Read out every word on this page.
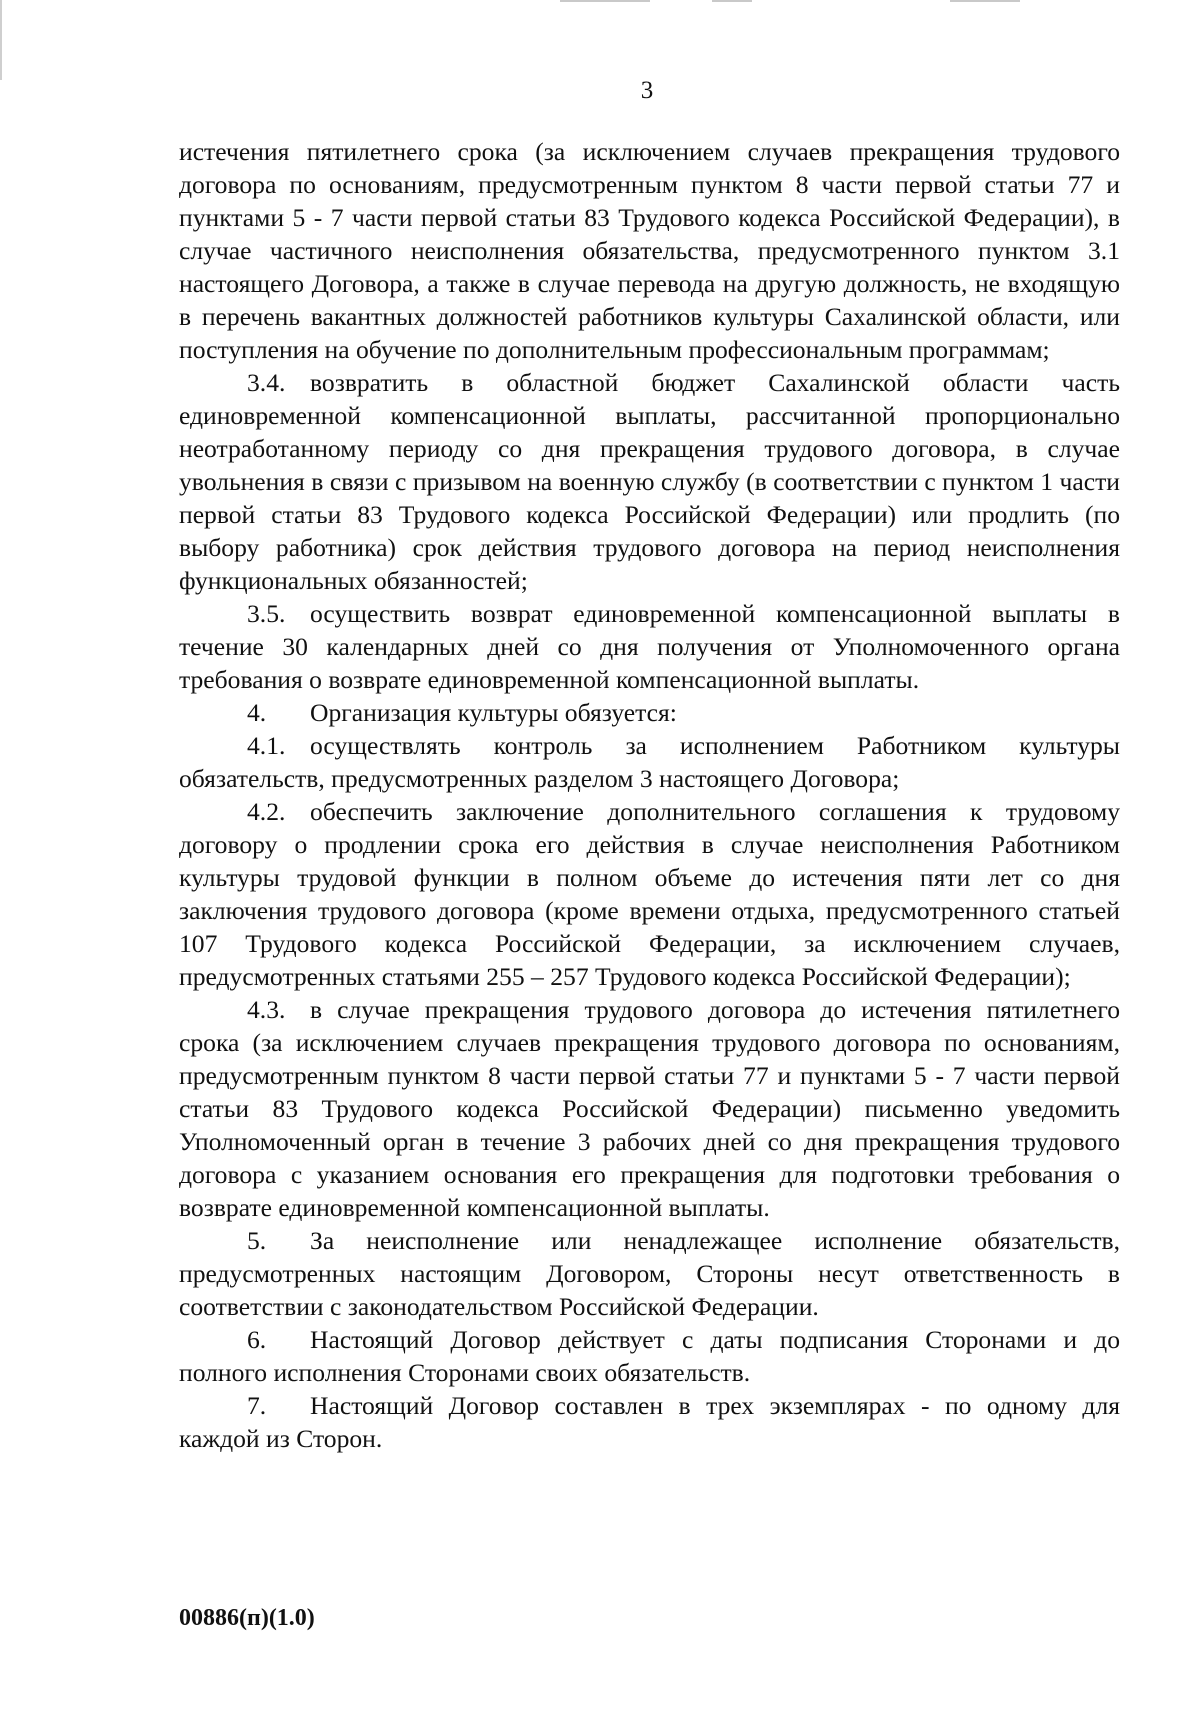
3

истечения пятилетнего срока (за исключением случаев прекращения трудового договора по основаниям, предусмотренным пунктом 8 части первой статьи 77 и пунктами 5 - 7 части первой статьи 83 Трудового кодекса Российской Федерации), в случае частичного неисполнения обязательства, предусмотренного пунктом 3.1 настоящего Договора, а также в случае перевода на другую должность, не входящую в перечень вакантных должностей работников культуры Сахалинской области, или поступления на обучение по дополнительным профессиональным программам;

3.4. возвратить в областной бюджет Сахалинской области часть единовременной компенсационной выплаты, рассчитанной пропорционально неотработанному периоду со дня прекращения трудового договора, в случае увольнения в связи с призывом на военную службу (в соответствии с пунктом 1 части первой статьи 83 Трудового кодекса Российской Федерации) или продлить (по выбору работника) срок действия трудового договора на период неисполнения функциональных обязанностей;

3.5. осуществить возврат единовременной компенсационной выплаты в течение 30 календарных дней со дня получения от Уполномоченного органа требования о возврате единовременной компенсационной выплаты.

4. Организация культуры обязуется:

4.1. осуществлять контроль за исполнением Работником культуры обязательств, предусмотренных разделом 3 настоящего Договора;

4.2. обеспечить заключение дополнительного соглашения к трудовому договору о продлении срока его действия в случае неисполнения Работником культуры трудовой функции в полном объеме до истечения пяти лет со дня заключения трудового договора (кроме времени отдыха, предусмотренного статьей 107 Трудового кодекса Российской Федерации, за исключением случаев, предусмотренных статьями 255 – 257 Трудового кодекса Российской Федерации);

4.3. в случае прекращения трудового договора до истечения пятилетнего срока (за исключением случаев прекращения трудового договора по основаниям, предусмотренным пунктом 8 части первой статьи 77 и пунктами 5 - 7 части первой статьи 83 Трудового кодекса Российской Федерации) письменно уведомить Уполномоченный орган в течение 3 рабочих дней со дня прекращения трудового договора с указанием основания его прекращения для подготовки требования о возврате единовременной компенсационной выплаты.

5. За неисполнение или ненадлежащее исполнение обязательств, предусмотренных настоящим Договором, Стороны несут ответственность в соответствии с законодательством Российской Федерации.

6. Настоящий Договор действует с даты подписания Сторонами и до полного исполнения Сторонами своих обязательств.

7. Настоящий Договор составлен в трех экземплярах - по одному для каждой из Сторон.

00886(п)(1.0)
